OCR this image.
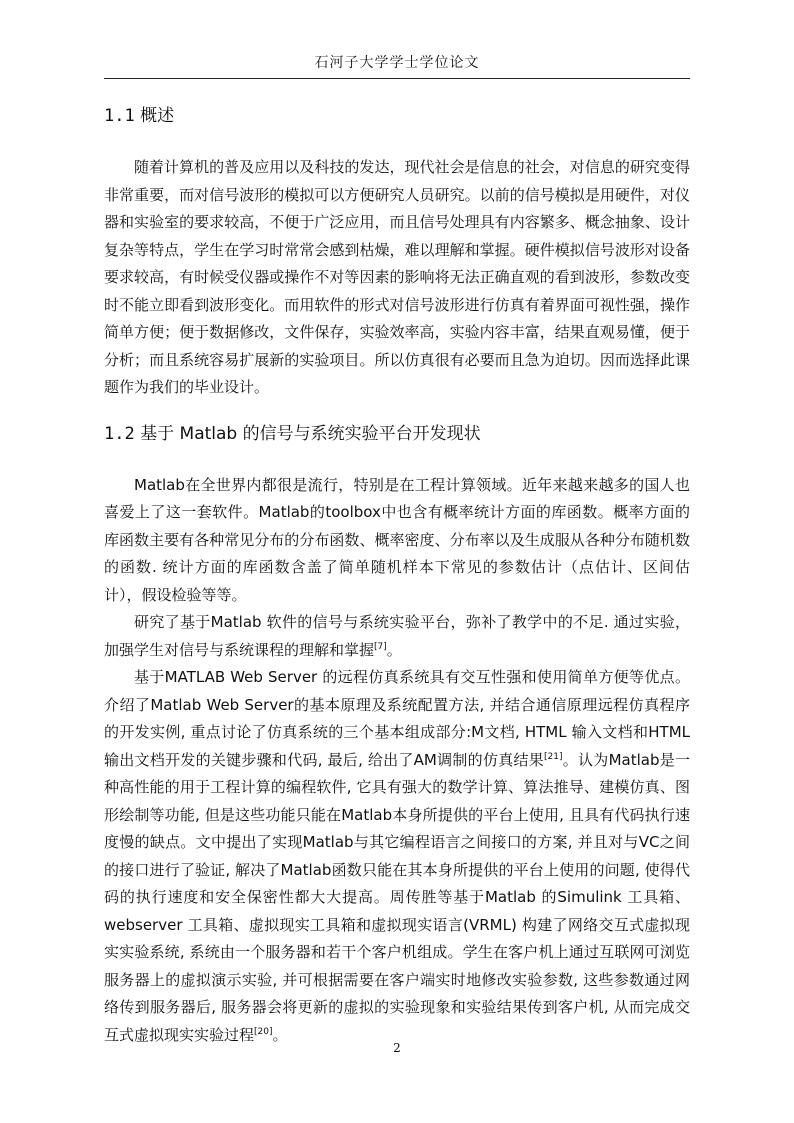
石河子大学学士学位论文
1.1 概述

随着计算机的普及应用以及科技的发达，现代社会是信息的社会，对信息的研究变得非常重要，而对信号波形的模拟可以方便研究人员研究。以前的信号模拟是用硬件，对仪器和实验室的要求较高，不便于广泛应用，而且信号处理具有内容繁多、概念抽象、设计复杂等特点，学生在学习时常常会感到枯燥，难以理解和掌握。硬件模拟信号波形对设备要求较高，有时候受仪器或操作不对等因素的影响将无法正确直观的看到波形，参数改变时不能立即看到波形变化。而用软件的形式对信号波形进行仿真有着界面可视性强，操作简单方便；便于数据修改，文件保存，实验效率高，实验内容丰富，结果直观易懂，便于分析；而且系统容易扩展新的实验项目。所以仿真很有必要而且急为迫切。因而选择此课题作为我们的毕业设计。

1.2 基于 Matlab 的信号与系统实验平台开发现状

Matlab在全世界内都很是流行，特别是在工程计算领域。近年来越来越多的国人也喜爱上了这一套软件。Matlab的toolbox中也含有概率统计方面的库函数。概率方面的库函数主要有各种常见分布的分布函数、概率密度、分布率以及生成服从各种分布随机数的函数. 统计方面的库函数含盖了简单随机样本下常见的参数估计（点估计、区间估计），假设检验等等。

研究了基于Matlab 软件的信号与系统实验平台，弥补了教学中的不足. 通过实验，加强学生对信号与系统课程的理解和掌握[7]。

基于MATLAB Web Server 的远程仿真系统具有交互性强和使用简单方便等优点。介绍了Matlab Web Server的基本原理及系统配置方法, 并结合通信原理远程仿真程序的开发实例, 重点讨论了仿真系统的三个基本组成部分:M文档, HTML 输入文档和HTML输出文档开发的关键步骤和代码, 最后, 给出了AM调制的仿真结果[21]。认为Matlab是一种高性能的用于工程计算的编程软件, 它具有强大的数学计算、算法推导、建模仿真、图形绘制等功能, 但是这些功能只能在Matlab本身所提供的平台上使用, 且具有代码执行速度慢的缺点。文中提出了实现Matlab与其它编程语言之间接口的方案, 并且对与VC之间的接口进行了验证, 解决了Matlab函数只能在其本身所提供的平台上使用的问题, 使得代码的执行速度和安全保密性都大大提高。周传胜等基于Matlab 的Simulink 工具箱、webserver 工具箱、虚拟现实工具箱和虚拟现实语言(VRML) 构建了网络交互式虚拟现实实验系统, 系统由一个服务器和若干个客户机组成。学生在客户机上通过互联网可浏览服务器上的虚拟演示实验, 并可根据需要在客户端实时地修改实验参数, 这些参数通过网络传到服务器后, 服务器会将更新的虚拟的实验现象和实验结果传到客户机, 从而完成交互式虚拟现实实验过程[20]。

2
